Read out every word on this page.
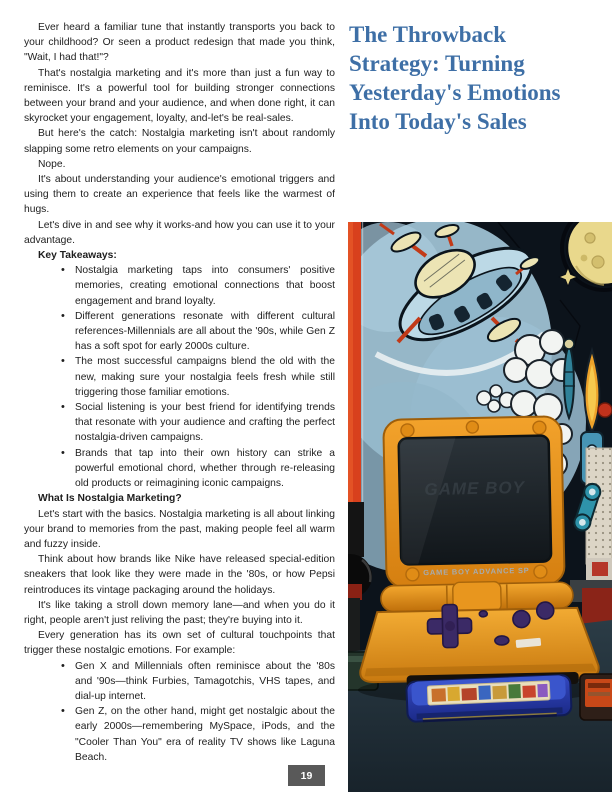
Ever heard a familiar tune that instantly transports you back to your childhood? Or seen a product redesign that made you think, "Wait, I had that!"?

That's nostalgia marketing and it's more than just a fun way to reminisce. It's a powerful tool for building stronger connections between your brand and your audience, and when done right, it can skyrocket your engagement, loyalty, and-let's be real-sales.

But here's the catch: Nostalgia marketing isn't about randomly slapping some retro elements on your campaigns.

Nope.

It's about understanding your audience's emotional triggers and using them to create an experience that feels like the warmest of hugs.

Let's dive in and see why it works-and how you can use it to your advantage.

Key Takeaways:

• Nostalgia marketing taps into consumers' positive memories, creating emotional connections that boost engagement and brand loyalty.
• Different generations resonate with different cultural references-Millennials are all about the '90s, while Gen Z has a soft spot for early 2000s culture.
• The most successful campaigns blend the old with the new, making sure your nostalgia feels fresh while still triggering those familiar emotions.
• Social listening is your best friend for identifying trends that resonate with your audience and crafting the perfect nostalgia-driven campaigns.
• Brands that tap into their own history can strike a powerful emotional chord, whether through re-releasing old products or reimagining iconic campaigns.

What Is Nostalgia Marketing?

Let's start with the basics. Nostalgia marketing is all about linking your brand to memories from the past, making people feel all warm and fuzzy inside.

Think about how brands like Nike have released special-edition sneakers that look like they were made in the '80s, or how Pepsi reintroduces its vintage packaging around the holidays.

It's like taking a stroll down memory lane—and when you do it right, people aren't just reliving the past; they're buying into it.

Every generation has its own set of cultural touchpoints that trigger these nostalgic emotions. For example:

• Gen X and Millennials often reminisce about the '80s and '90s—think Furbies, Tamagotchis, VHS tapes, and dial-up internet.
• Gen Z, on the other hand, might get nostalgic about the early 2000s—remembering MySpace, iPods, and the "Cooler Than You" era of reality TV shows like Laguna Beach.
The Throwback Strategy: Turning Yesterday's Emotions Into Today's Sales
19
GAME BOY
GAME BOY ADVANCE SP
